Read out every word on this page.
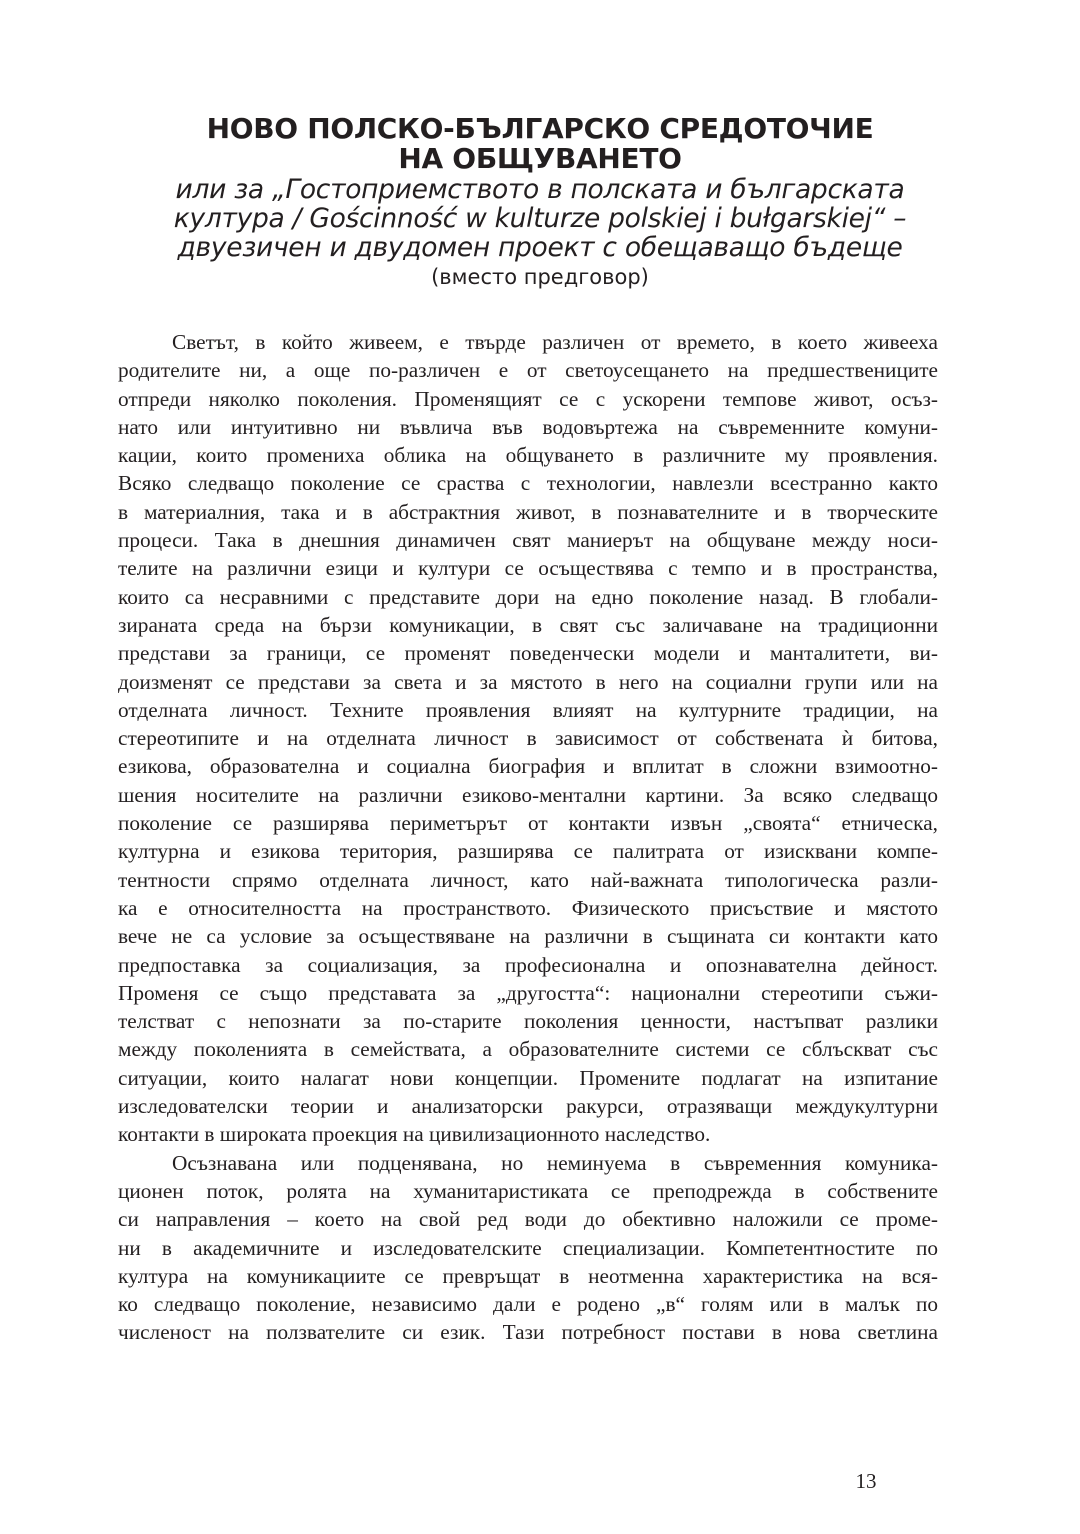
НОВО ПОЛСКО-БЪЛГАРСКО СРЕДОТОЧИЕ
НА ОБЩУВАНЕТО
или за „Гостоприемството в полската и българската
култура / Gościnność w kulturze polskiej i bułgarskiej“ –
двуезичен и двудомен проект с обещаващо бъдеще
(вместо предговор)
Светът, в който живеем, е твърде различен от времето, в което живееха
родителите ни, а още по-различен е от светоусещането на предшествениците
отпреди няколко поколения. Променящият се с ускорени темпове живот, осъз-
нато или интуитивно ни въвлича във водовъртежа на съвременните комуни-
кации, които промениха облика на общуването в различните му проявления.
Всяко следващо поколение се сраства с технологии, навлезли всестранно както
в материалния, така и в абстрактния живот, в познавателните и в творческите
процеси. Така в днешния динамичен свят маниерът на общуване между носи-
телите на различни езици и култури се осъществява с темпо и в пространства,
които са несравними с представите дори на едно поколение назад. В глобали-
зираната среда на бързи комуникации, в свят със заличаване на традиционни
представи за граници, се променят поведенчески модели и манталитети, ви-
доизменят се представи за света и за мястото в него на социални групи или на
отделната личност. Техните проявления влияят на културните традиции, на
стереотипите и на отделната личност в зависимост от собствената ѝ битова,
езикова, образователна и социална биография и вплитат в сложни взимоотно-
шения носителите на различни езиково-ментални картини. За всяко следващо
поколение се разширява периметърът от контакти извън „своята“ етническа,
културна и езикова територия, разширява се палитрата от изисквани компе-
тентности спрямо отделната личност, като най-важната типологическа разли-
ка е относителността на пространството. Физическото присъствие и мястото
вече не са условие за осъществяване на различни в същината си контакти като
предпоставка за социализация, за професионална и опознавателна дейност.
Променя се също представата за „другостта“: национални стереотипи съжи-
телстват с непознати за по-старите поколения ценности, настъпват разлики
между поколенията в семействата, а образователните системи се сблъскват със
ситуации, които налагат нови концепции. Промените подлагат на изпитание
изследователски теории и анализаторски ракурси, отразяващи междукултурни
контакти в широката проекция на цивилизационното наследство.
Осъзнавана или подценявана, но неминуема в съвременния комуника-
ционен поток, ролята на хуманитаристиката се преподрежда в собствените
си направления – което на свой ред води до обективно наложили се проме-
ни в академичните и изследователските специализации. Компетентностите по
култура на комуникациите се превръщат в неотменна характеристика на вся-
ко следващо поколение, независимо дали е родено „в“ голям или в малък по
численост на ползвателите си език. Тази потребност постави в нова светлина
13
